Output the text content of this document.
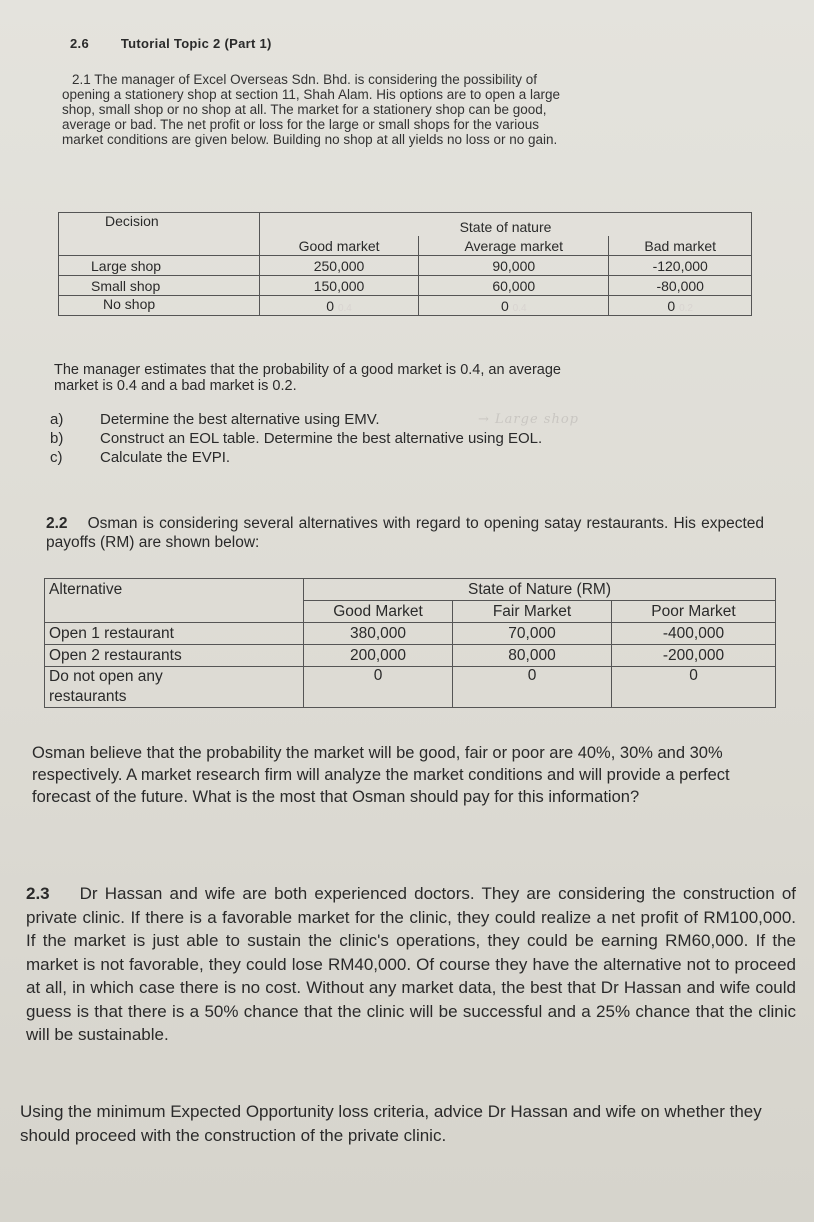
2.6 Tutorial Topic 2 (Part 1)
2.1 The manager of Excel Overseas Sdn. Bhd. is considering the possibility of
opening a stationery shop at section 11, Shah Alam. His options are to open a large
shop, small shop or no shop at all. The market for a stationery shop can be good,
average or bad. The net profit or loss for the large or small shops for the various
market conditions are given below. Building no shop at all yields no loss or no gain.
Decision	State of nature		
	Good market	Average market	Bad market
Large shop	250,000	90,000	-120,000
Small shop	150,000	60,000	-80,000
No shop	0 0.4	0 0.4	0 0.2
The manager estimates that the probability of a good market is 0.4, an average
market is 0.4 and a bad market is 0.2.
a)	Determine the best alternative using EMV.
b)	Construct an EOL table. Determine the best alternative using EOL.
c)	Calculate the EVPI.
→ Large shop
2.2 Osman is considering several alternatives with regard to opening satay restaurants. His expected payoffs (RM) are shown below:
Alternative	State of Nature (RM)		
	Good Market	Fair Market	Poor Market
Open 1 restaurant	380,000	70,000	-400,000
Open 2 restaurants	200,000	80,000	-200,000

Do not open any
restaurants	0	0	0
Osman believe that the probability the market will be good, fair or poor are 40%, 30% and 30% respectively. A market research firm will analyze the market conditions and will provide a perfect forecast of the future. What is the most that Osman should pay for this information?
2.3 Dr Hassan and wife are both experienced doctors. They are considering the construction of private clinic. If there is a favorable market for the clinic, they could realize a net profit of RM100,000. If the market is just able to sustain the clinic's operations, they could be earning RM60,000. If the market is not favorable, they could lose RM40,000. Of course they have the alternative not to proceed at all, in which case there is no cost. Without any market data, the best that Dr Hassan and wife could guess is that there is a 50% chance that the clinic will be successful and a 25% chance that the clinic will be sustainable.
Using the minimum Expected Opportunity loss criteria, advice Dr Hassan and wife on whether they should proceed with the construction of the private clinic.
